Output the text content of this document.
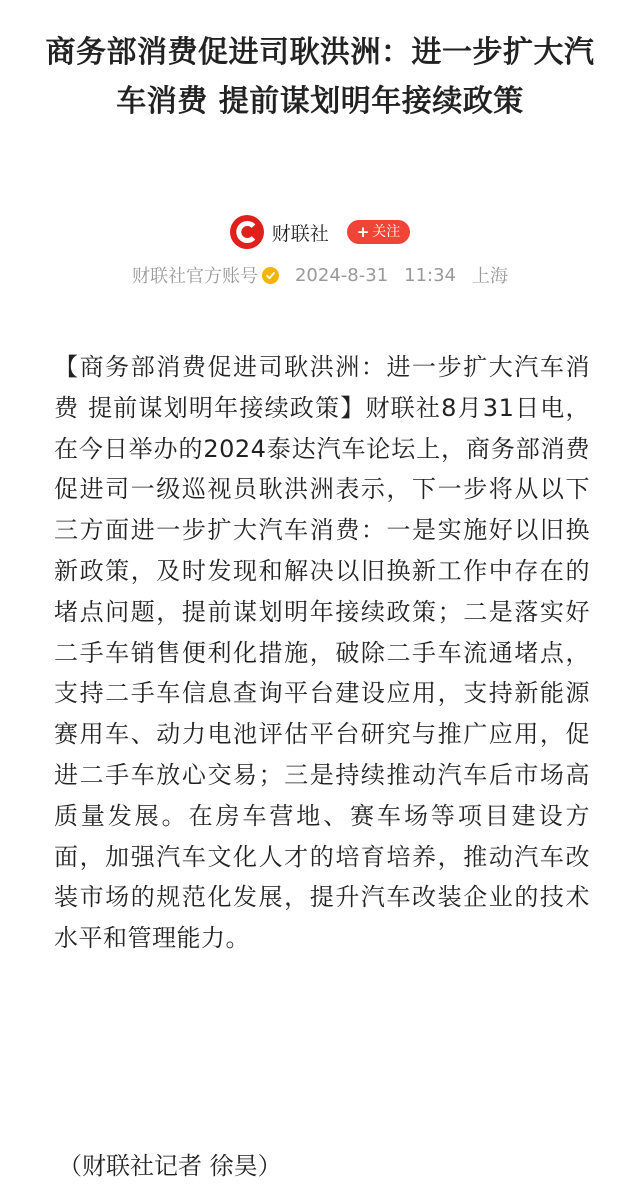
商务部消费促进司耿洪洲：进一步扩大汽车消费 提前谋划明年接续政策
财联社 + 关注
财联社官方账号 2024-8-31 11:34 上海

【商务部消费促进司耿洪洲：进一步扩大汽车消费 提前谋划明年接续政策】财联社8月31日电，在今日举办的2024泰达汽车论坛上，商务部消费促进司一级巡视员耿洪洲表示，下一步将从以下三方面进一步扩大汽车消费：一是实施好以旧换新政策，及时发现和解决以旧换新工作中存在的堵点问题，提前谋划明年接续政策；二是落实好二手车销售便利化措施，破除二手车流通堵点，支持二手车信息查询平台建设应用，支持新能源赛用车、动力电池评估平台研究与推广应用，促进二手车放心交易；三是持续推动汽车后市场高质量发展。在房车营地、赛车场等项目建设方面，加强汽车文化人才的培育培养，推动汽车改装市场的规范化发展，提升汽车改装企业的技术水平和管理能力。

（财联社记者 徐昊）
